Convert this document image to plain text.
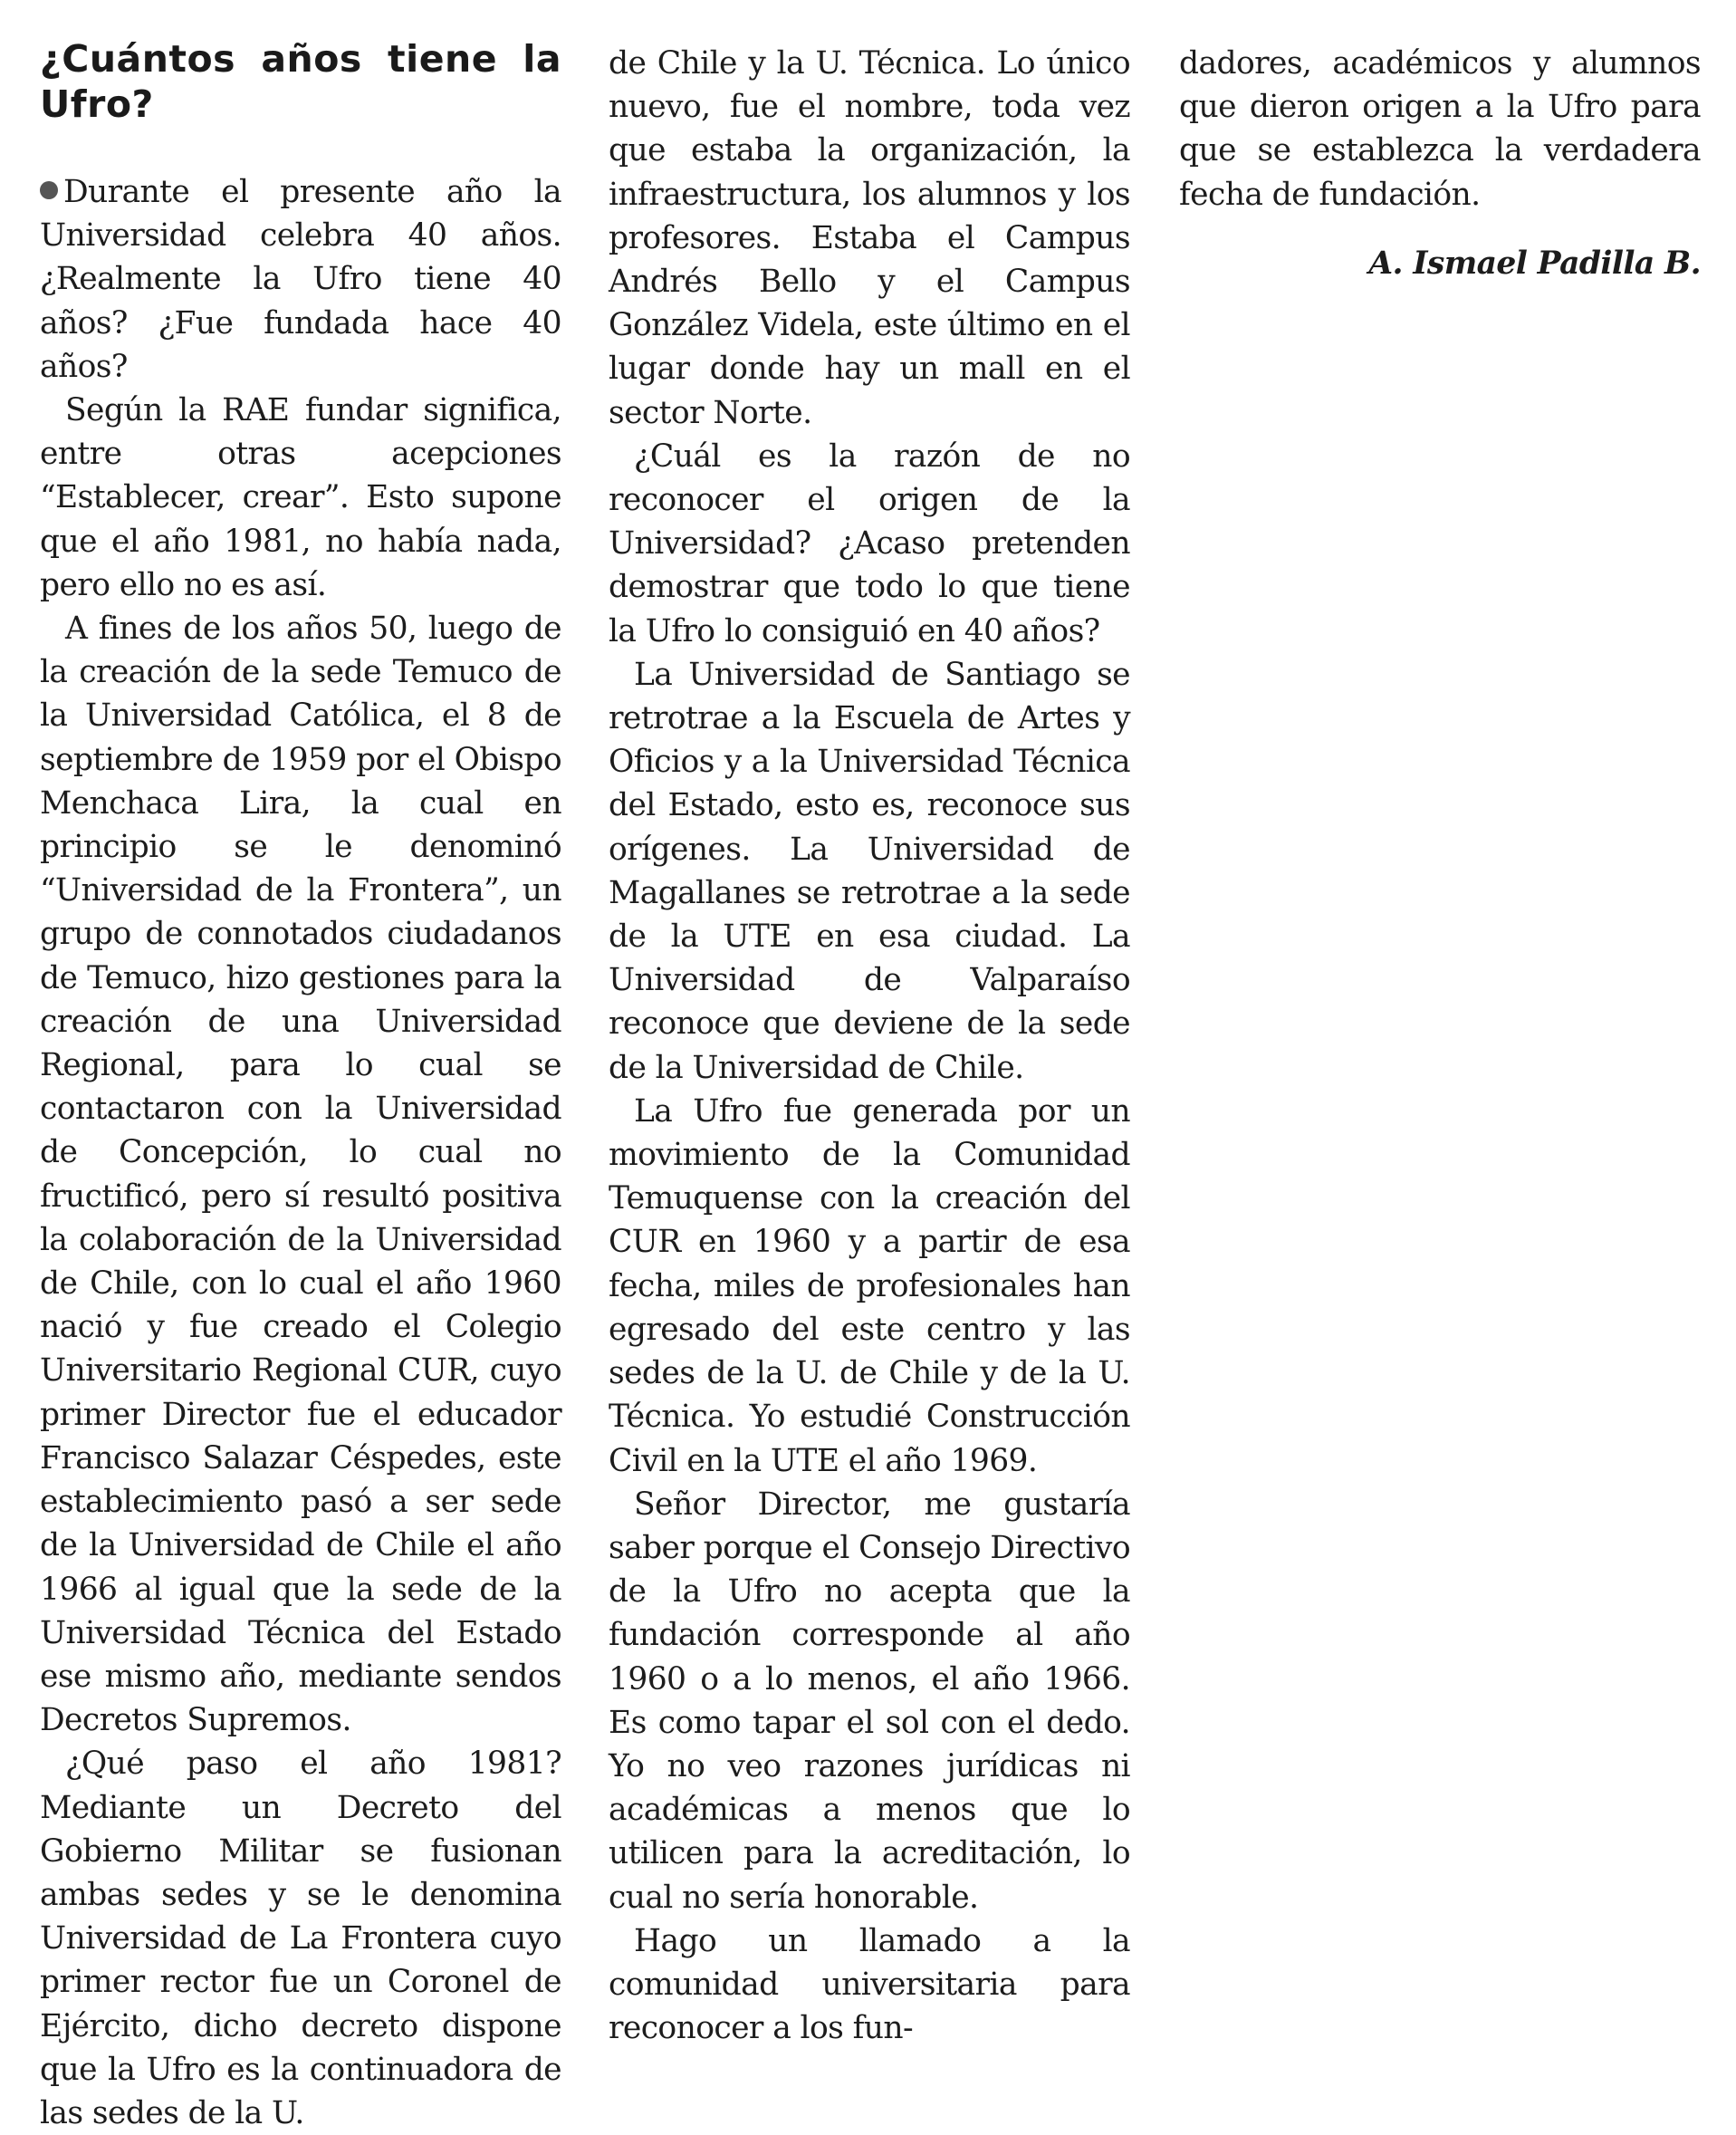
¿Cuántos años tiene la Ufro?

Durante el presente año la Universidad celebra 40 años. ¿Realmente la Ufro tiene 40 años? ¿Fue fundada hace 40 años?

Según la RAE fundar significa, entre otras acepciones “Establecer, crear”. Esto supone que el año 1981, no había nada, pero ello no es así.

A fines de los años 50, luego de la creación de la sede Temuco de la Universidad Católica, el 8 de septiembre de 1959 por el Obispo Menchaca Lira, la cual en principio se le denominó “Universidad de la Frontera”, un grupo de connotados ciudadanos de Temuco, hizo gestiones para la creación de una Universidad Regional, para lo cual se contactaron con la Universidad de Concepción, lo cual no fructificó, pero sí resultó positiva la colaboración de la Universidad de Chile, con lo cual el año 1960 nació y fue creado el Colegio Universitario Regional CUR, cuyo primer Director fue el educador Francisco Salazar Céspedes, este establecimiento pasó a ser sede de la Universidad de Chile el año 1966 al igual que la sede de la Universidad Técnica del Estado ese mismo año, mediante sendos Decretos Supremos.

¿Qué paso el año 1981? Mediante un Decreto del Gobierno Militar se fusionan ambas sedes y se le denomina Universidad de La Frontera cuyo primer rector fue un Coronel de Ejército, dicho decreto dispone que la Ufro es la continuadora de las sedes de la U.

de Chile y la U. Técnica. Lo único nuevo, fue el nombre, toda vez que estaba la organización, la infraestructura, los alumnos y los profesores. Estaba el Campus Andrés Bello y el Campus González Videla, este último en el lugar donde hay un mall en el sector Norte.

¿Cuál es la razón de no reconocer el origen de la Universidad? ¿Acaso pretenden demostrar que todo lo que tiene la Ufro lo consiguió en 40 años?

La Universidad de Santiago se retrotrae a la Escuela de Artes y Oficios y a la Universidad Técnica del Estado, esto es, reconoce sus orígenes. La Universidad de Magallanes se retrotrae a la sede de la UTE en esa ciudad. La Universidad de Valparaíso reconoce que deviene de la sede de la Universidad de Chile.

La Ufro fue generada por un movimiento de la Comunidad Temuquense con la creación del CUR en 1960 y a partir de esa fecha, miles de profesionales han egresado del este centro y las sedes de la U. de Chile y de la U. Técnica. Yo estudié Construcción Civil en la UTE el año 1969.

Señor Director, me gustaría saber porque el Consejo Directivo de la Ufro no acepta que la fundación corresponde al año 1960 o a lo menos, el año 1966. Es como tapar el sol con el dedo. Yo no veo razones jurídicas ni académicas a menos que lo utilicen para la acreditación, lo cual no sería honorable.

Hago un llamado a la comunidad universitaria para reconocer a los fun-

dadores, académicos y alumnos que dieron origen a la Ufro para que se establezca la verdadera fecha de fundación.

A. Ismael Padilla B.
